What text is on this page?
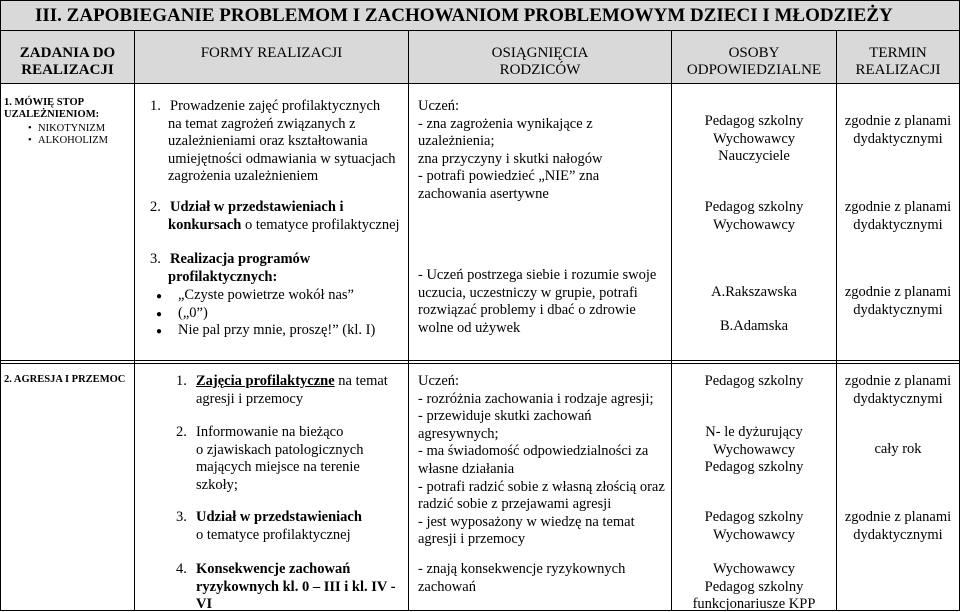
III. ZAPOBIEGANIE PROBLEMOM I ZACHOWANIOM PROBLEMOWYM DZIECI I MŁODZIEŻY
ZADANIA DO
REALIZACJI
FORMY REALIZACJI	OSIĄGNIĘCIA
RODZICÓW
OSOBY
ODPOWIEDZIALNE
TERMIN
REALIZACJI
1. MÓWIĘ STOP UZALEŻNIENIOM:
• NIKOTYNIZM
• ALKOHOLIZM
1. Prowadzenie zajęć profilaktycznych
na temat zagrożeń związanych z
uzależnieniami oraz kształtowania
umiejętności odmawiania w sytuacjach
zagrożenia uzależnieniem
2. Udział w przedstawieniach i
konkursach o tematyce profilaktycznej
3. Realizacja programów
profilaktycznych:
● „Czyste powietrze wokół nas”
● („0”)
● Nie pal przy mnie, proszę!” (kl. I)
Uczeń:
- zna zagrożenia wynikające z
uzależnienia;
zna przyczyny i skutki nałogów
- potrafi powiedzieć „NIE” zna
zachowania asertywne
- Uczeń postrzega siebie i rozumie swoje
uczucia, uczestniczy w grupie, potrafi
rozwiązać problemy i dbać o zdrowie
wolne od używek
Pedagog szkolny
Wychowawcy
Nauczyciele
Pedagog szkolny
Wychowawcy
A.Rakszawska
B.Adamska
zgodnie z planami
dydaktycznymi
zgodnie z planami
dydaktycznymi
zgodnie z planami
dydaktycznymi
2. AGRESJA I PRZEMOC	1. Zajęcia profilaktyczne na temat
agresji i przemocy
2. Informowanie na bieżąco
o zjawiskach patologicznych
mających miejsce na terenie
szkoły;
3. Udział w przedstawieniach
o tematyce profilaktycznej
4. Konsekwencje zachowań
ryzykownych kl. 0 – III i kl. IV -
VI
Uczeń:
- rozróżnia zachowania i rodzaje agresji;
- przewiduje skutki zachowań
agresywnych;
- ma świadomość odpowiedzialności za
własne działania
- potrafi radzić sobie z własną złością oraz
radzić sobie z przejawami agresji
- jest wyposażony w wiedzę na temat
agresji i przemocy
- znają konsekwencje ryzykownych
zachowań
Pedagog szkolny
N- le dyżurujący
Wychowawcy
Pedagog szkolny
Pedagog szkolny
Wychowawcy
Wychowawcy
Pedagog szkolny
funkcjonariusze KPP
zgodnie z planami
dydaktycznymi
cały rok
zgodnie z planami
dydaktycznymi
